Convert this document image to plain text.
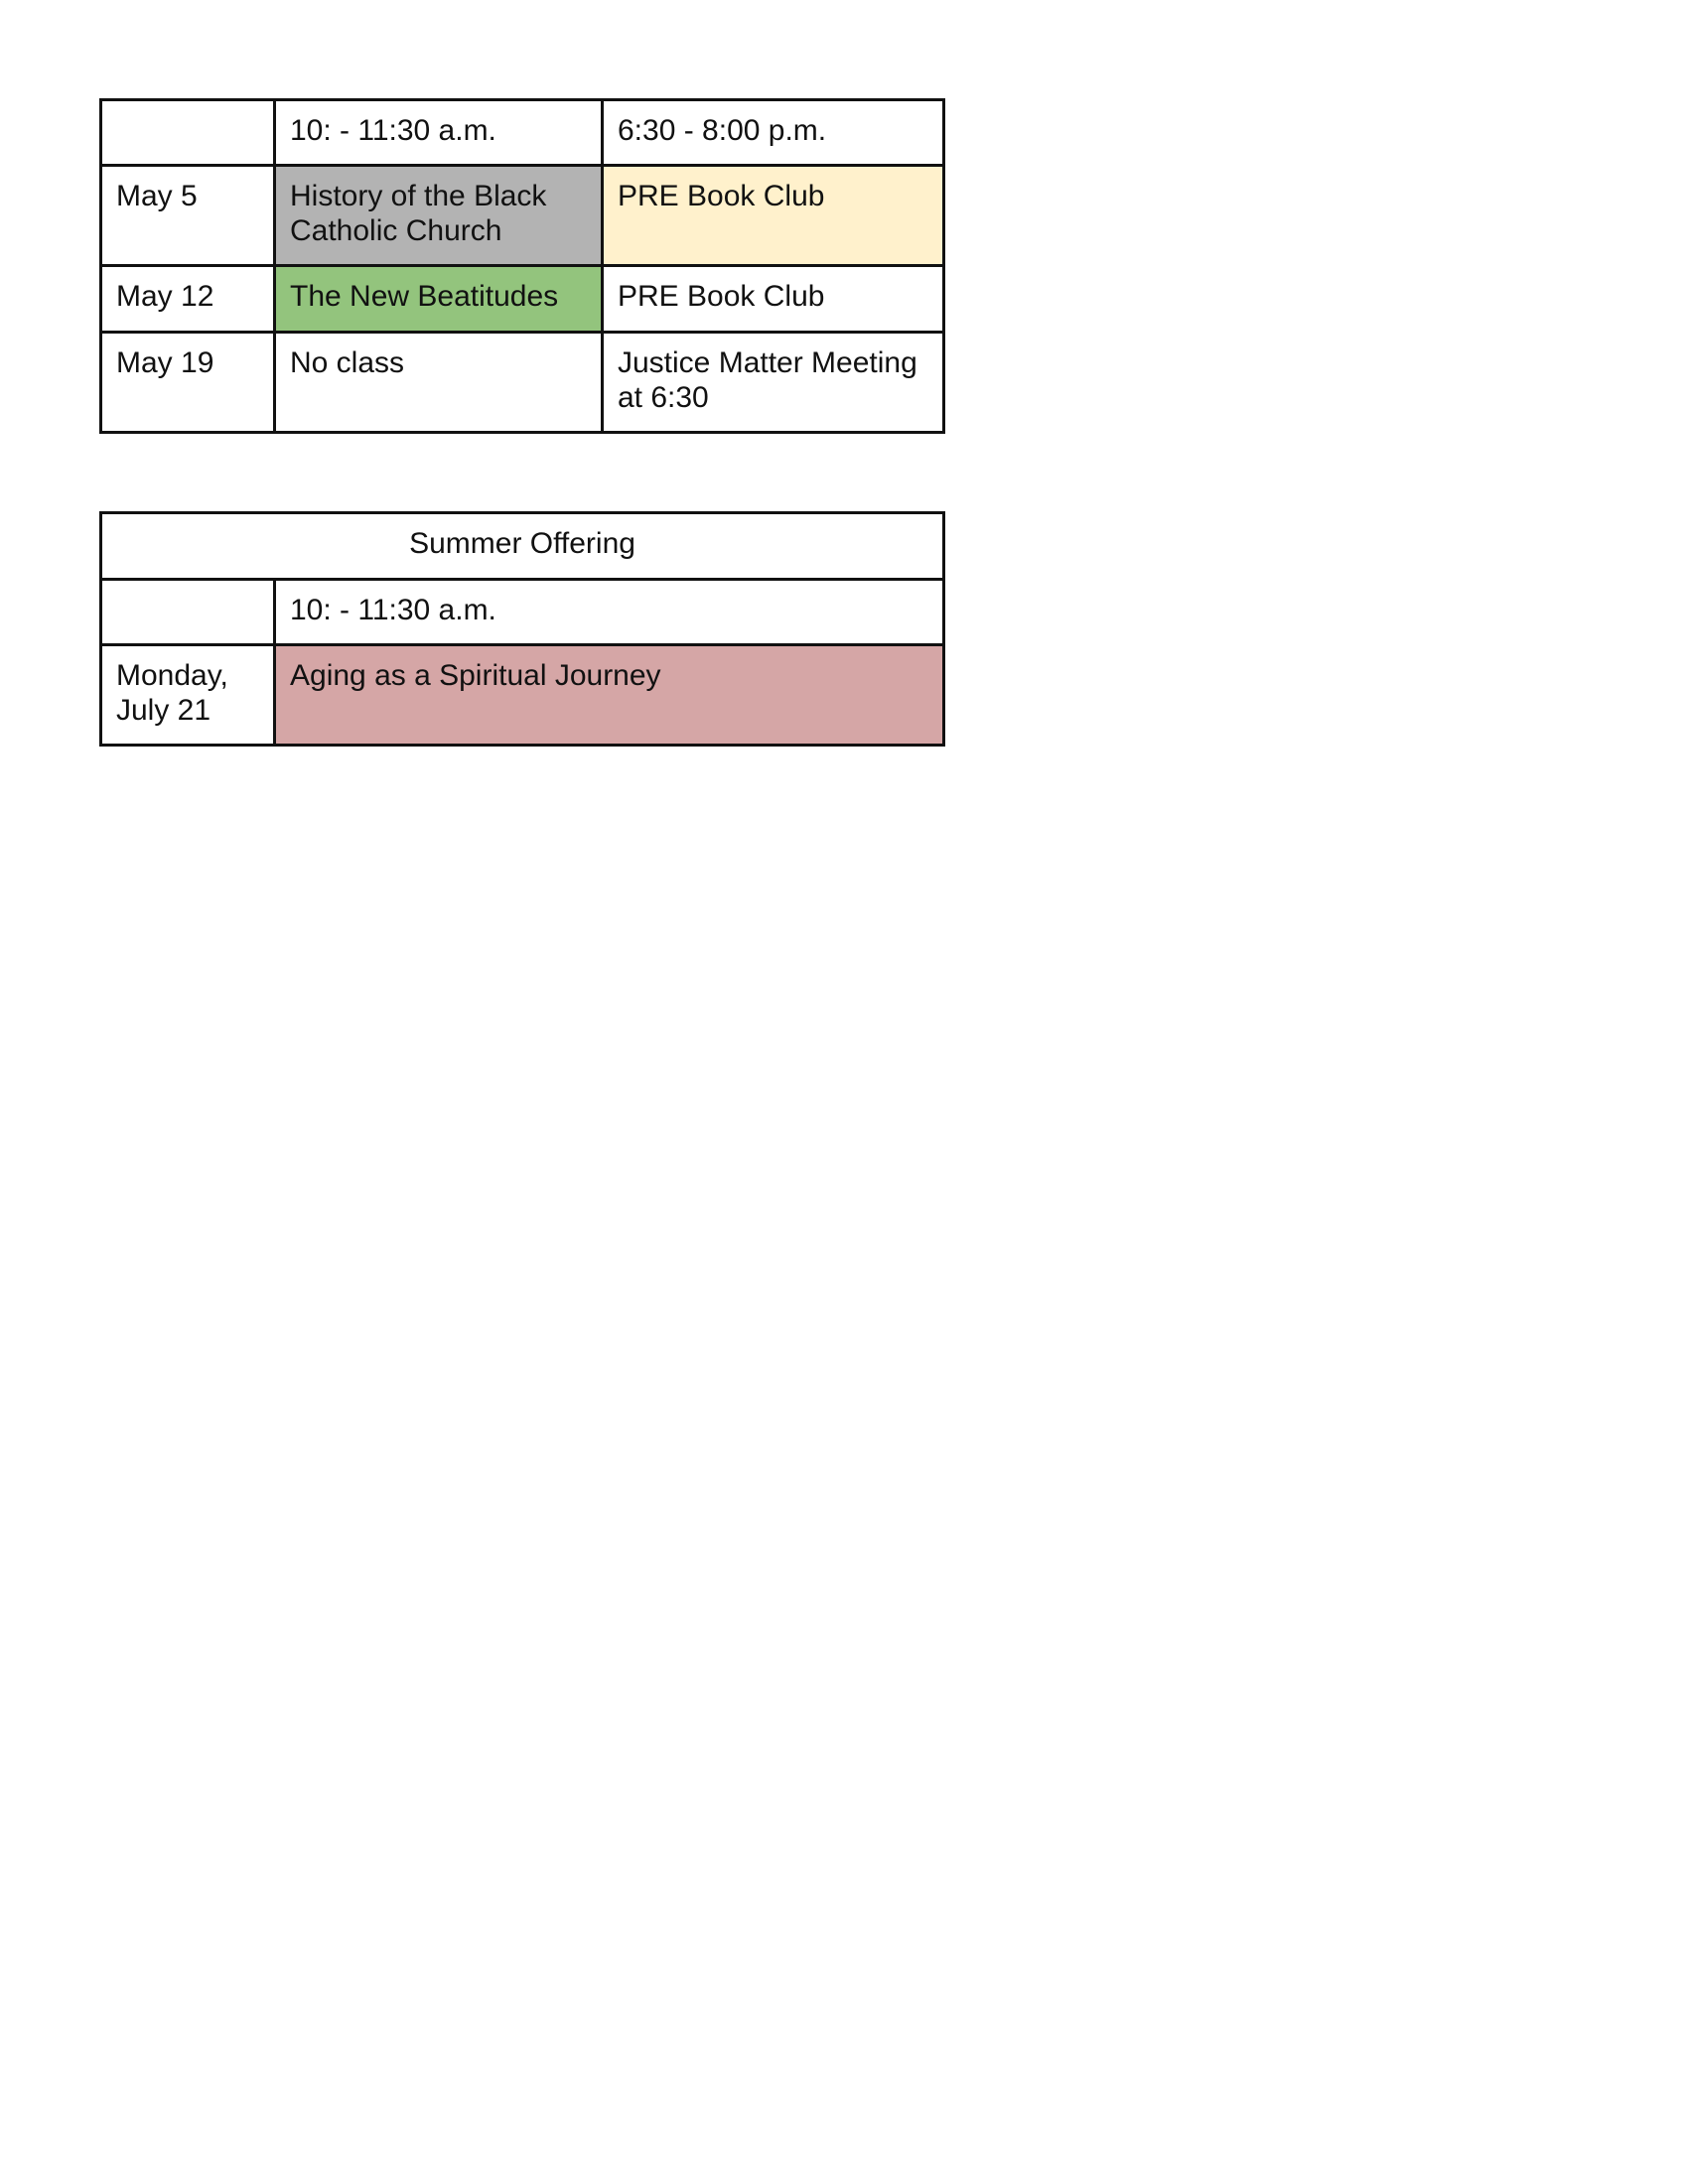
	10: - 11:30 a.m.	6:30 - 8:00 p.m.
May 5	History of the Black Catholic Church	PRE Book Club
May 12	The New Beatitudes	PRE Book Club
May 19	No class	Justice Matter Meeting at 6:30
Summer Offering	
	10: - 11:30 a.m.
Monday, July 21	Aging as a Spiritual Journey
